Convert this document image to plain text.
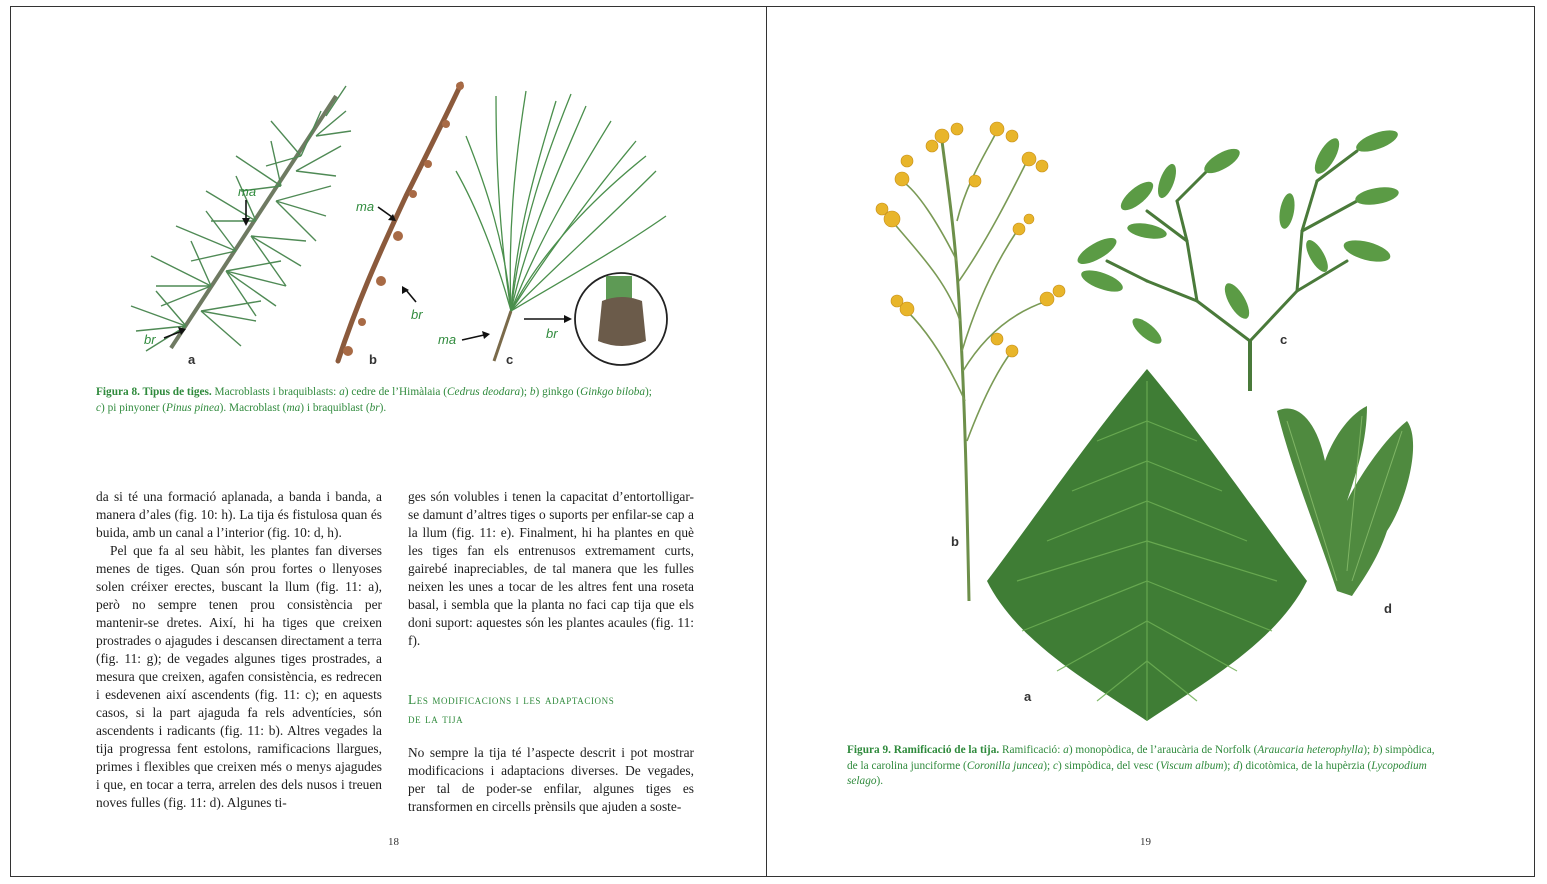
ma
br
a
ma
br
b
ma	br
c
Figura 8. Tipus de tiges. Macroblasts i braquiblasts: a) cedre de l’Himàlaia (Cedrus deodara); b) ginkgo (Ginkgo biloba);
c) pi pinyoner (Pinus pinea). Macroblast (ma) i braquiblast (br).

da si té una formació aplanada, a banda i banda, a manera d’ales (fig. 10: h). La tija és fistulosa quan és buida, amb un canal a l’interior (fig. 10: d, h).

Pel que fa al seu hàbit, les plantes fan diverses menes de tiges. Quan són prou fortes o llenyoses solen créixer erectes, buscant la llum (fig. 11: a), però no sempre tenen prou consistència per mantenir-se dretes. Així, hi ha tiges que creixen prostrades o ajagudes i descansen directament a terra (fig. 11: g); de vegades algunes tiges prostrades, a mesura que creixen, agafen consistència, es redrecen i esdevenen així ascendents (fig. 11: c); en aquests casos, si la part ajaguda fa rels adventícies, són ascendents i radicants (fig. 11: b). Altres vegades la tija progressa fent estolons, ramificacions llargues, primes i flexibles que creixen més o menys ajagudes i que, en tocar a terra, arrelen des dels nusos i treuen noves fulles (fig. 11: d). Algunes ti-

ges són volubles i tenen la capacitat d’entortolligar-se damunt d’altres tiges o suports per enfilar-se cap a la llum (fig. 11: e). Finalment, hi ha plantes en què les tiges fan els entrenusos extremament curts, gairebé inapreciables, de tal manera que les fulles neixen les unes a tocar de les altres fent una roseta basal, i sembla que la planta no faci cap tija que els doni suport: aquestes són les plantes acaules (fig. 11: f).

Les modificacions i les adaptacions
de la tija

No sempre la tija té l’aspecte descrit i pot mostrar modificacions i adaptacions diverses. De vegades, per tal de poder-se enfilar, algunes tiges es transformen en circells prènsils que ajuden a soste-

18
b
c
a
d
Figura 9. Ramificació de la tija. Ramificació: a) monopòdica, de l’araucària de Norfolk (Araucaria heterophylla); b) simpòdica, de la carolina junciforme (Coronilla juncea); c) simpòdica, del vesc (Viscum album); d) dicotòmica, de la hupèrzia (Lycopodium selago).
19
